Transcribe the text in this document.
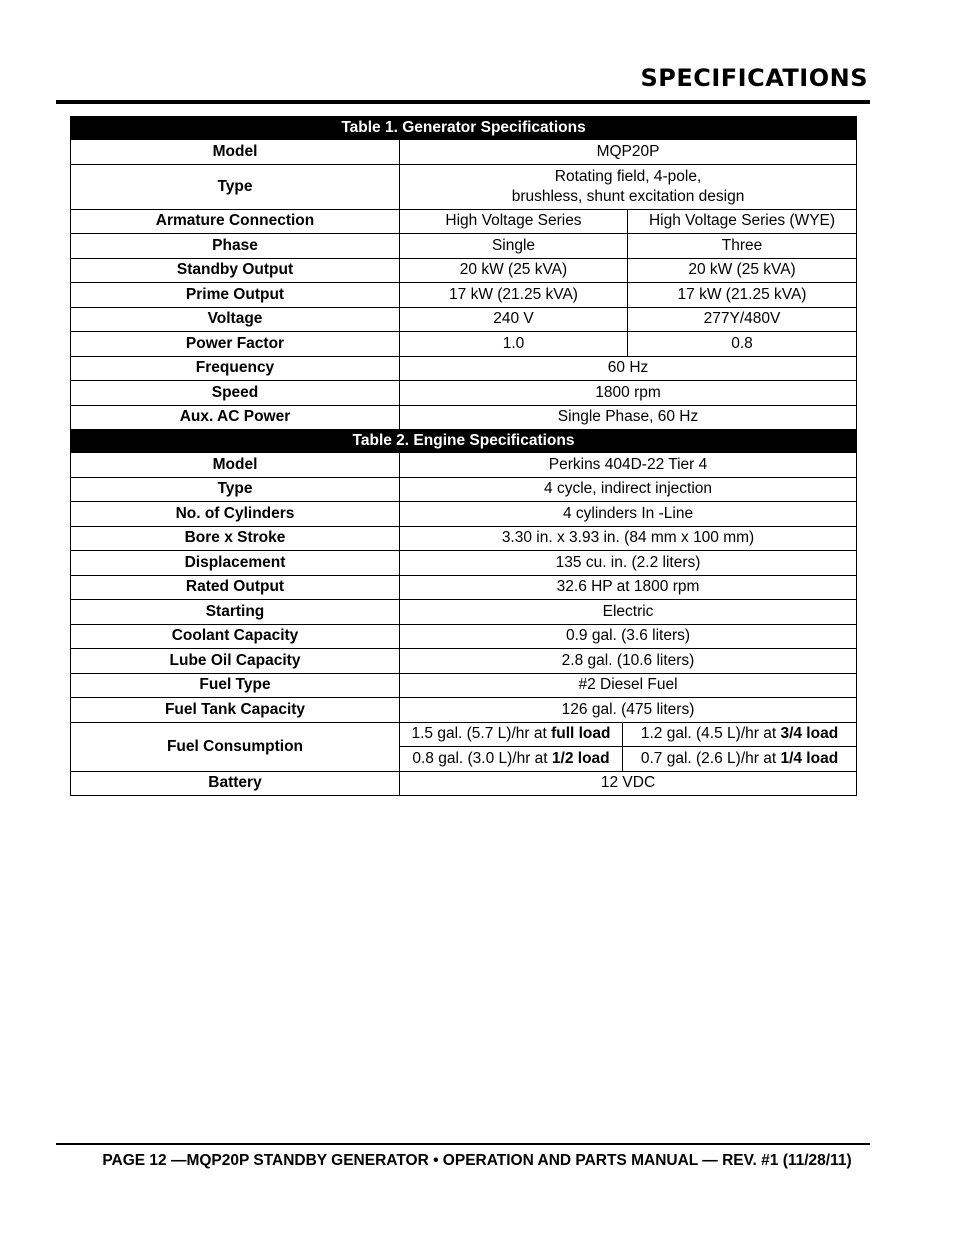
SPECIFICATIONS
Table 1. Generator Specifications			
Model	MQP20P		
Type	Rotating field, 4-pole,
brushless, shunt excitation design		
Armature Connection	High Voltage Series		High Voltage Series (WYE)
Phase	Single		Three
Standby Output	20 kW (25 kVA)		20 kW (25 kVA)
Prime Output	17 kW (21.25 kVA)		17 kW (21.25 kVA)
Voltage	240 V		277Y/480V
Power Factor	1.0		0.8
Frequency	60 Hz		
Speed	1800 rpm		
Aux. AC Power	Single Phase, 60 Hz		
Table 2. Engine Specifications			
Model	Perkins 404D-22 Tier 4		
Type	4 cycle, indirect injection		
No. of Cylinders	4 cylinders In -Line		
Bore x Stroke	3.30 in. x 3.93 in. (84 mm x 100 mm)		
Displacement	135 cu. in. (2.2 liters)		
Rated Output	32.6 HP at 1800 rpm		
Starting	Electric		
Coolant Capacity	0.9 gal. (3.6 liters)		
Lube Oil Capacity	2.8 gal. (10.6 liters)		
Fuel Type	#2 Diesel Fuel		
Fuel Tank Capacity	126 gal. (475 liters)		
Fuel Consumption	1.5 gal. (5.7 L)/hr at full load	1.2 gal. (4.5 L)/hr at 3/4 load	
	0.8 gal. (3.0 L)/hr at 1/2 load	0.7 gal. (2.6 L)/hr at 1/4 load	
Battery	12 VDC		
PAGE 12 —MQP20P STANDBY GENERATOR • OPERATION AND PARTS MANUAL — REV. #1 (11/28/11)
